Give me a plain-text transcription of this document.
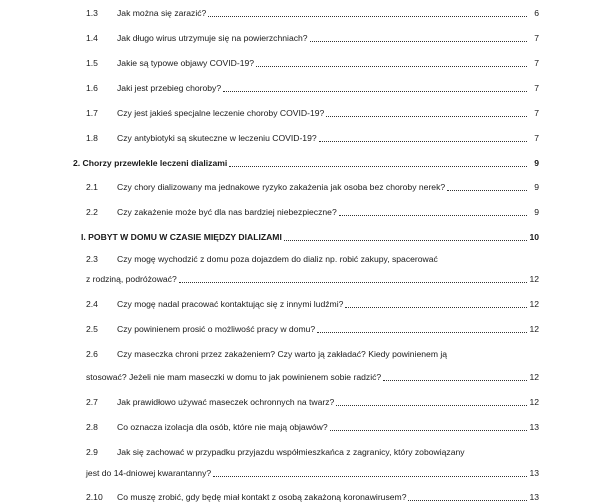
1.3	Jak można się zarazić?	6
1.4	Jak długo wirus utrzymuje się na powierzchniach?	7
1.5	Jakie są typowe objawy COVID-19?	7
1.6	Jaki jest przebieg choroby?	7
1.7	Czy jest jakieś specjalne leczenie choroby COVID-19?	7
1.8	Czy antybiotyki są skuteczne w leczeniu COVID-19?	7
2. Chorzy przewlekle leczeni dializami	9
2.1	Czy chory dializowany ma jednakowe ryzyko zakażenia jak osoba bez choroby nerek?	9
2.2	Czy zakażenie może być dla nas bardziej niebezpieczne?	9
I. POBYT W DOMU W CZASIE MIĘDZY DIALIZAMI	10
2.3	Czy mogę wychodzić z domu poza dojazdem do dializ np. robić zakupy, spacerować
z rodziną, podróżować?	12
2.4	Czy mogę nadal pracować kontaktując się z innymi ludźmi?	12
2.5	Czy powinienem prosić o możliwość pracy w domu?	12
2.6	Czy maseczka chroni przez zakażeniem? Czy warto ją zakładać? Kiedy powinienem ją
stosować? Jeżeli nie mam maseczki w domu to jak powinienem sobie radzić?	12
2.7	Jak prawidłowo używać maseczek ochronnych na twarz?	12
2.8	Co oznacza izolacja dla osób, które nie mają objawów?	13
2.9	Jak się zachować w przypadku przyjazdu współmieszkańca z zagranicy, który zobowiązany
jest do 14-dniowej kwarantanny?	13
2.10	Co muszę zrobić, gdy będę miał kontakt z osobą zakażoną koronawirusem?	13
